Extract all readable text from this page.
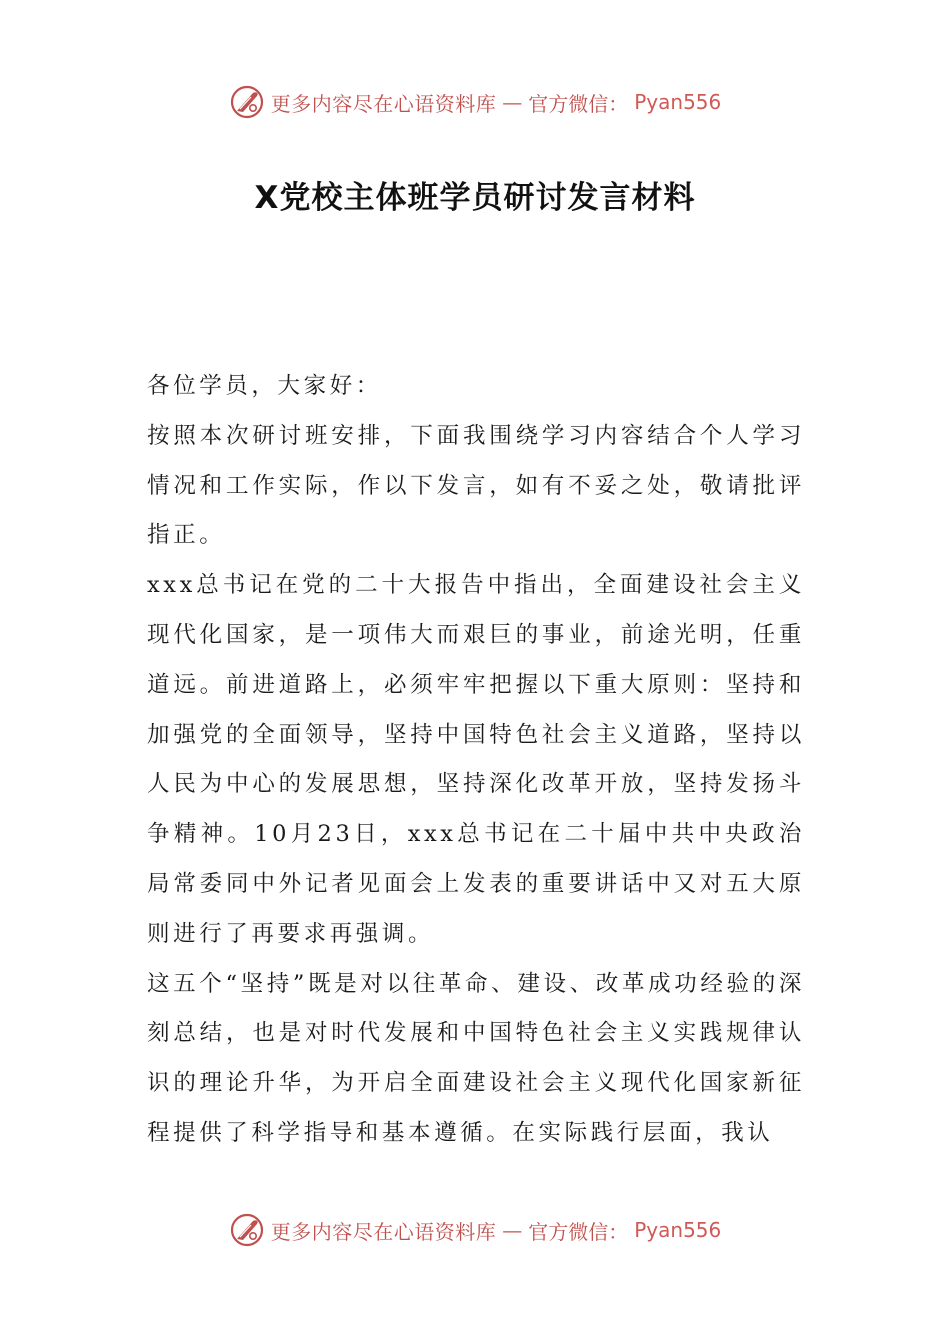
更多内容尽在心语资料库 — 官方微信： Pyan556
X党校主体班学员研讨发言材料

各位学员，大家好：

按照本次研讨班安排，下面我围绕学习内容结合个人学习情况和工作实际，作以下发言，如有不妥之处，敬请批评指正。

xxx总书记在党的二十大报告中指出，全面建设社会主义现代化国家，是一项伟大而艰巨的事业，前途光明，任重道远。前进道路上，必须牢牢把握以下重大原则：坚持和加强党的全面领导，坚持中国特色社会主义道路，坚持以人民为中心的发展思想，坚持深化改革开放，坚持发扬斗争精神。10月23日，xxx总书记在二十届中共中央政治局常委同中外记者见面会上发表的重要讲话中又对五大原则进行了再要求再强调。

这五个“坚持”既是对以往革命、建设、改革成功经验的深刻总结，也是对时代发展和中国特色社会主义实践规律认识的理论升华，为开启全面建设社会主义现代化国家新征程提供了科学指导和基本遵循。在实际践行层面，我认

更多内容尽在心语资料库 — 官方微信： Pyan556
